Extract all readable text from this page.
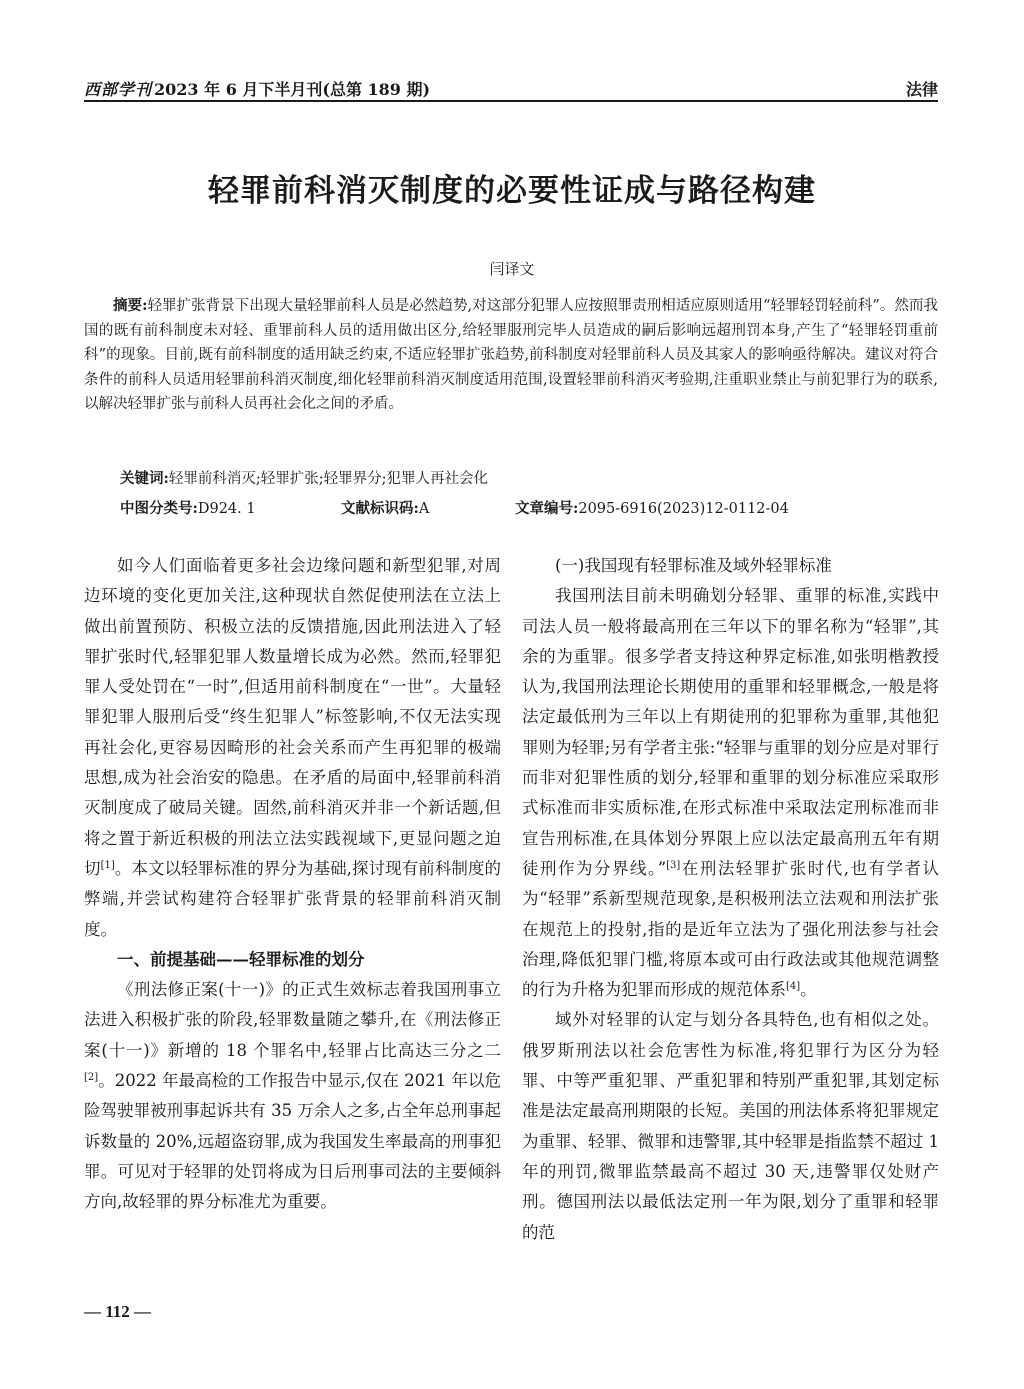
西部学刊 2023 年 6 月下半月刊(总第 189 期)	法律
轻罪前科消灭制度的必要性证成与路径构建
闫译文
摘要:轻罪扩张背景下出现大量轻罪前科人员是必然趋势,对这部分犯罪人应按照罪责刑相适应原则适用“轻罪轻罚轻前科”。然而我国的既有前科制度未对轻、重罪前科人员的适用做出区分,给轻罪服刑完毕人员造成的嗣后影响远超刑罚本身,产生了“轻罪轻罚重前科”的现象。目前,既有前科制度的适用缺乏约束,不适应轻罪扩张趋势,前科制度对轻罪前科人员及其家人的影响亟待解决。建议对符合条件的前科人员适用轻罪前科消灭制度,细化轻罪前科消灭制度适用范围,设置轻罪前科消灭考验期,注重职业禁止与前犯罪行为的联系,以解决轻罪扩张与前科人员再社会化之间的矛盾。
关键词:轻罪前科消灭;轻罪扩张;轻罪界分;犯罪人再社会化
中图分类号:D924. 1	文献标识码:A	文章编号:2095-6916(2023)12-0112-04

如今人们面临着更多社会边缘问题和新型犯罪,对周边环境的变化更加关注,这种现状自然促使刑法在立法上做出前置预防、积极立法的反馈措施,因此刑法进入了轻罪扩张时代,轻罪犯罪人数量增长成为必然。然而,轻罪犯罪人受处罚在“一时”,但适用前科制度在“一世”。大量轻罪犯罪人服刑后受“终生犯罪人”标签影响,不仅无法实现再社会化,更容易因畸形的社会关系而产生再犯罪的极端思想,成为社会治安的隐患。在矛盾的局面中,轻罪前科消灭制度成了破局关键。固然,前科消灭并非一个新话题,但将之置于新近积极的刑法立法实践视域下,更显问题之迫切[1]。本文以轻罪标准的界分为基础,探讨现有前科制度的弊端,并尝试构建符合轻罪扩张背景的轻罪前科消灭制度。

一、前提基础——轻罪标准的划分

《刑法修正案(十一)》的正式生效标志着我国刑事立法进入积极扩张的阶段,轻罪数量随之攀升,在《刑法修正案(十一)》新增的 18 个罪名中,轻罪占比高达三分之二[2]。2022 年最高检的工作报告中显示,仅在 2021 年以危险驾驶罪被刑事起诉共有 35 万余人之多,占全年总刑事起诉数量的 20%,远超盗窃罪,成为我国发生率最高的刑事犯罪。可见对于轻罪的处罚将成为日后刑事司法的主要倾斜方向,故轻罪的界分标准尤为重要。

(一)我国现有轻罪标准及域外轻罪标准

我国刑法目前未明确划分轻罪、重罪的标准,实践中司法人员一般将最高刑在三年以下的罪名称为“轻罪”,其余的为重罪。很多学者支持这种界定标准,如张明楷教授认为,我国刑法理论长期使用的重罪和轻罪概念,一般是将法定最低刑为三年以上有期徒刑的犯罪称为重罪,其他犯罪则为轻罪;另有学者主张:“轻罪与重罪的划分应是对罪行而非对犯罪性质的划分,轻罪和重罪的划分标准应采取形式标准而非实质标准,在形式标准中采取法定刑标准而非宣告刑标准,在具体划分界限上应以法定最高刑五年有期徒刑作为分界线。”[3]在刑法轻罪扩张时代,也有学者认为“轻罪”系新型规范现象,是积极刑法立法观和刑法扩张在规范上的投射,指的是近年立法为了强化刑法参与社会治理,降低犯罪门槛,将原本或可由行政法或其他规范调整的行为升格为犯罪而形成的规范体系[4]。

域外对轻罪的认定与划分各具特色,也有相似之处。俄罗斯刑法以社会危害性为标准,将犯罪行为区分为轻罪、中等严重犯罪、严重犯罪和特别严重犯罪,其划定标准是法定最高刑期限的长短。美国的刑法体系将犯罪规定为重罪、轻罪、微罪和违警罪,其中轻罪是指监禁不超过 1 年的刑罚,微罪监禁最高不超过 30 天,违警罪仅处财产刑。德国刑法以最低法定刑一年为限,划分了重罪和轻罪的范

— 112 —
